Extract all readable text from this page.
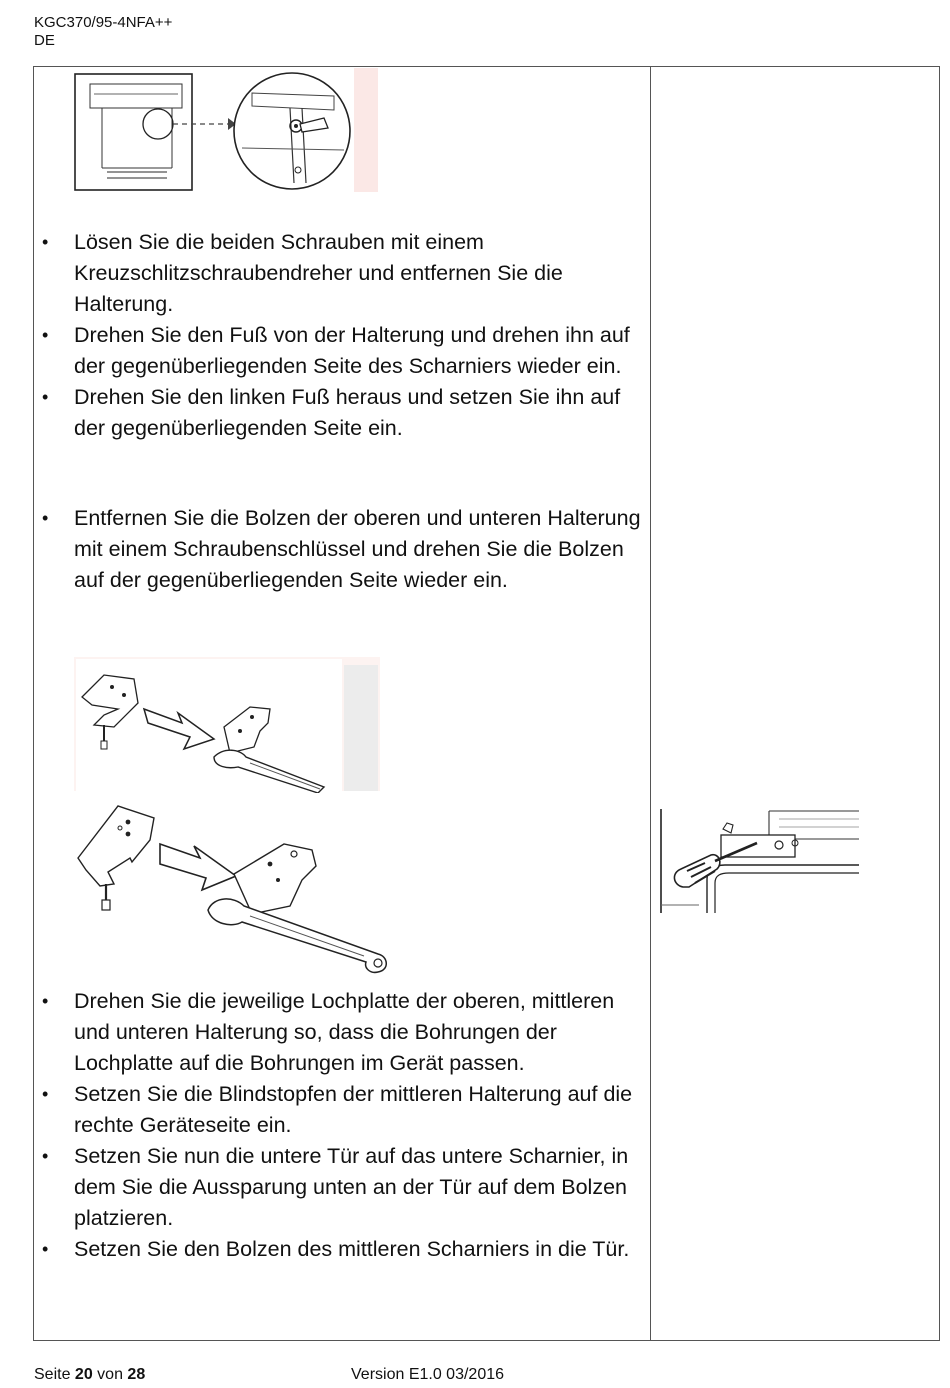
KGC370/95-4NFA++
DE
• Lösen Sie die beiden Schrauben mit einem Kreuzschlitzschraubendreher und entfernen Sie die Halterung.
• Drehen Sie den Fuß von der Halterung und drehen ihn auf der gegenüberliegenden Seite des Scharniers wieder ein.
• Drehen Sie den linken Fuß heraus und setzen Sie ihn auf der gegenüberliegenden Seite ein.
• Entfernen Sie die Bolzen der oberen und unteren Halterung mit einem Schraubenschlüssel und drehen Sie die Bolzen auf der gegenüberliegenden Seite wieder ein.
• Drehen Sie die jeweilige Lochplatte der oberen, mittleren und unteren Halterung so, dass die Bohrungen der Lochplatte auf die Bohrungen im Gerät passen.
• Setzen Sie die Blindstopfen der mittleren Halterung auf die rechte Geräteseite ein.
• Setzen Sie nun die untere Tür auf das untere Scharnier, in dem Sie die Aussparung unten an der Tür auf dem Bolzen platzieren.
• Setzen Sie den Bolzen des mittleren Scharniers in die Tür.
Seite 20 von 28	Version E1.0 03/2016
